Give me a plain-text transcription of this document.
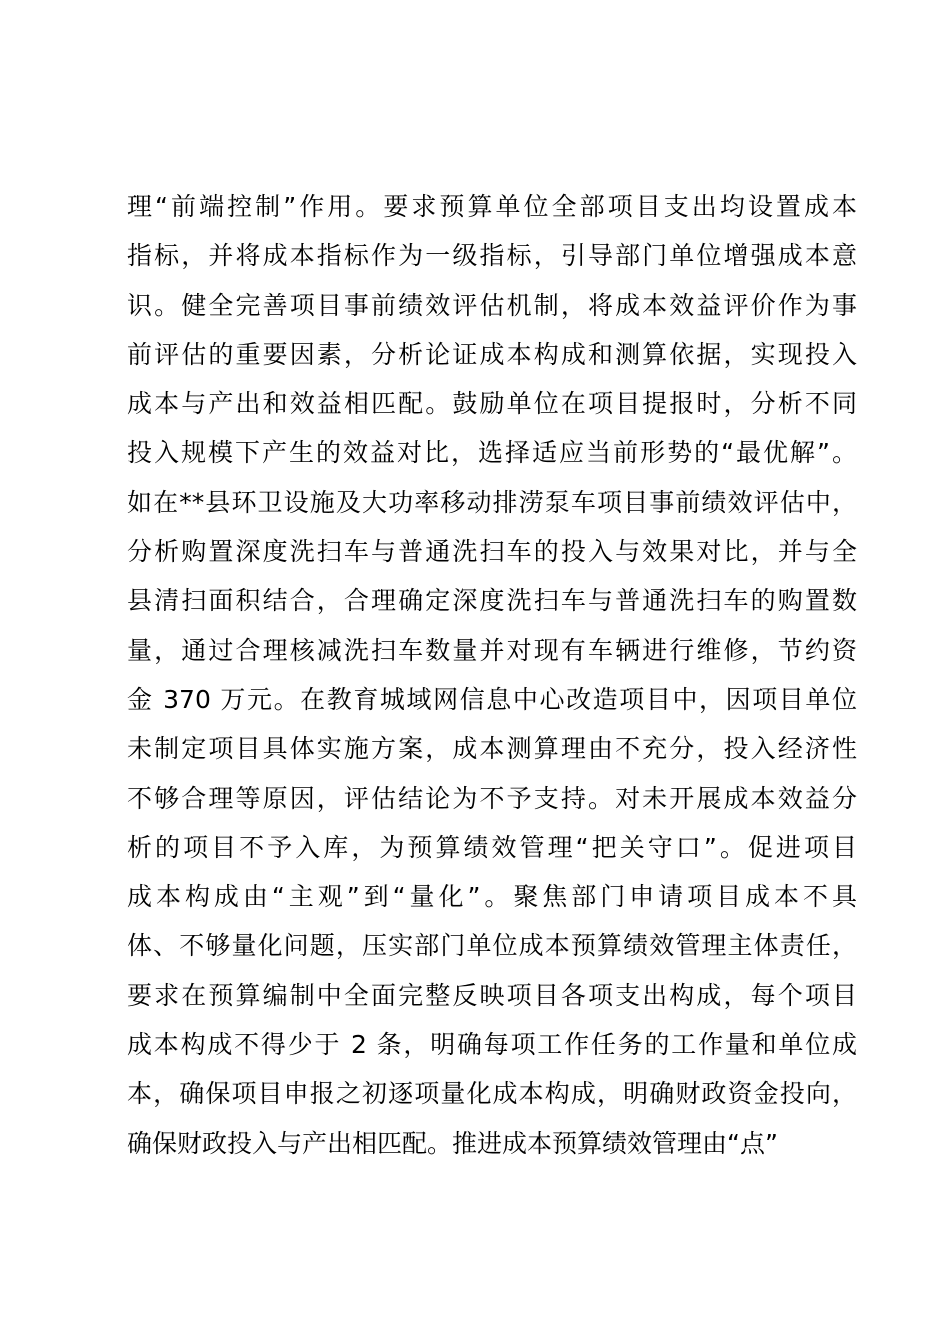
理“前端控制”作用。要求预算单位全部项目支出均设置成本
指标，并将成本指标作为一级指标，引导部门单位增强成本意
识。健全完善项目事前绩效评估机制，将成本效益评价作为事
前评估的重要因素，分析论证成本构成和测算依据，实现投入
成本与产出和效益相匹配。鼓励单位在项目提报时，分析不同
投入规模下产生的效益对比，选择适应当前形势的“最优解”。
如在**县环卫设施及大功率移动排涝泵车项目事前绩效评估中，
分析购置深度洗扫车与普通洗扫车的投入与效果对比，并与全
县清扫面积结合，合理确定深度洗扫车与普通洗扫车的购置数
量，通过合理核减洗扫车数量并对现有车辆进行维修，节约资
金 370 万元。在教育城域网信息中心改造项目中，因项目单位
未制定项目具体实施方案，成本测算理由不充分，投入经济性
不够合理等原因，评估结论为不予支持。对未开展成本效益分
析的项目不予入库，为预算绩效管理“把关守口”。促进项目
成本构成由“主观”到“量化”。聚焦部门申请项目成本不具
体、不够量化问题，压实部门单位成本预算绩效管理主体责任，
要求在预算编制中全面完整反映项目各项支出构成，每个项目
成本构成不得少于 2 条，明确每项工作任务的工作量和单位成
本，确保项目申报之初逐项量化成本构成，明确财政资金投向，
确保财政投入与产出相匹配。推进成本预算绩效管理由“点”
